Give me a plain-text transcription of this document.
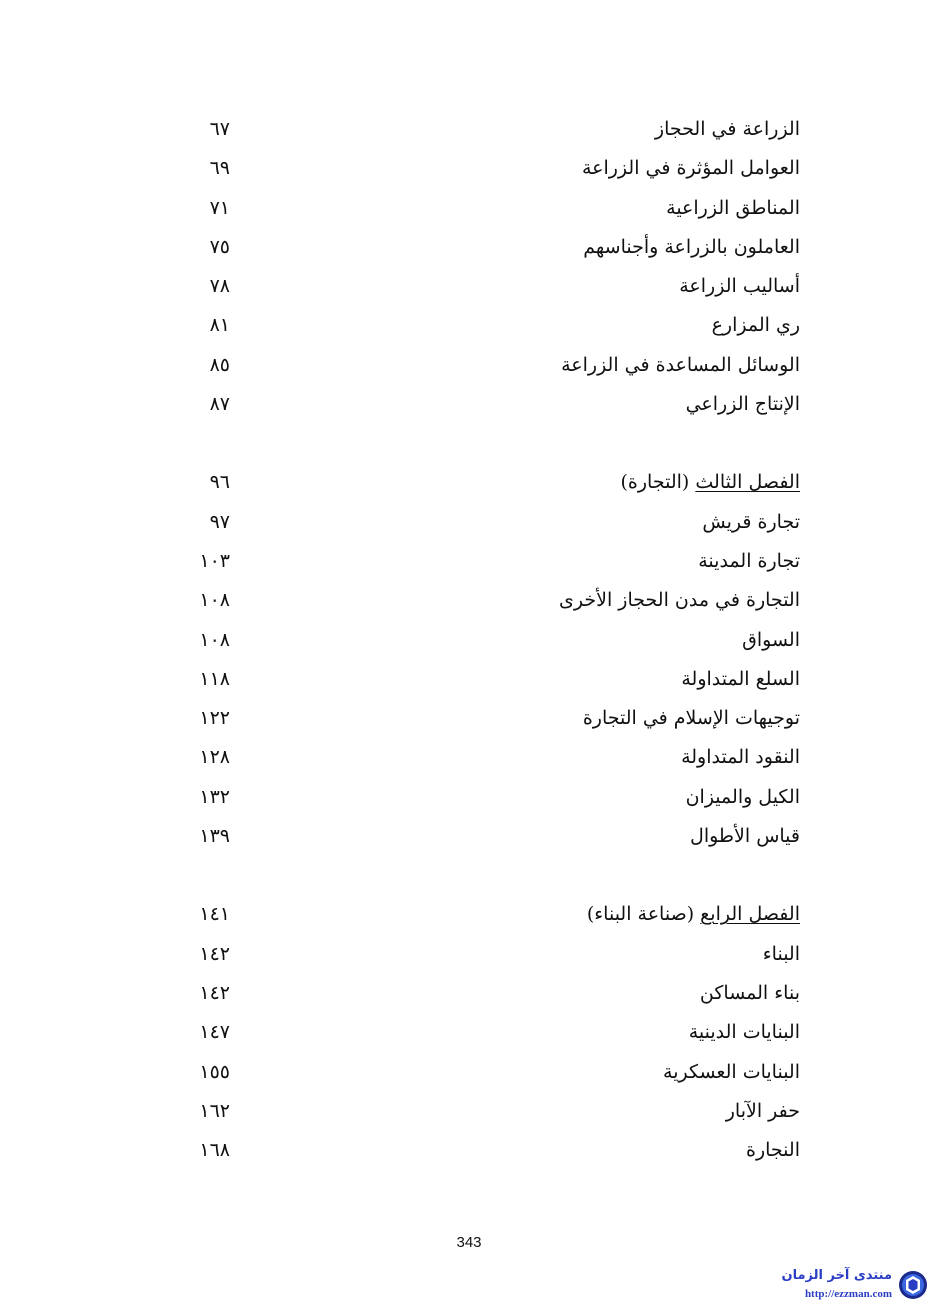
الزراعة في الحجاز
٦٧
العوامل المؤثرة في الزراعة
٦٩
المناطق الزراعية
٧١
العاملون بالزراعة وأجناسهم
٧٥
أساليب الزراعة
٧٨
ري المزارع
٨١
الوسائل المساعدة في الزراعة
٨٥
الإنتاج الزراعي
٨٧
الفصل الثالث (التجارة)
٩٦
تجارة قريش
٩٧
تجارة المدينة
١٠٣
التجارة في مدن الحجاز الأخرى
١٠٨
السواق
١٠٨
السلع المتداولة
١١٨
توجيهات الإسلام في التجارة
١٢٢
النقود المتداولة
١٢٨
الكيل والميزان
١٣٢
قياس الأطوال
١٣٩
الفصل الرابع (صناعة البناء)
١٤١
البناء
١٤٢
بناء المساكن
١٤٢
البنايات الدينية
١٤٧
البنايات العسكرية
١٥٥
حفر الآبار
١٦٢
النجارة
١٦٨
343
منتدى آخر الزمان
http://ezzman.com
